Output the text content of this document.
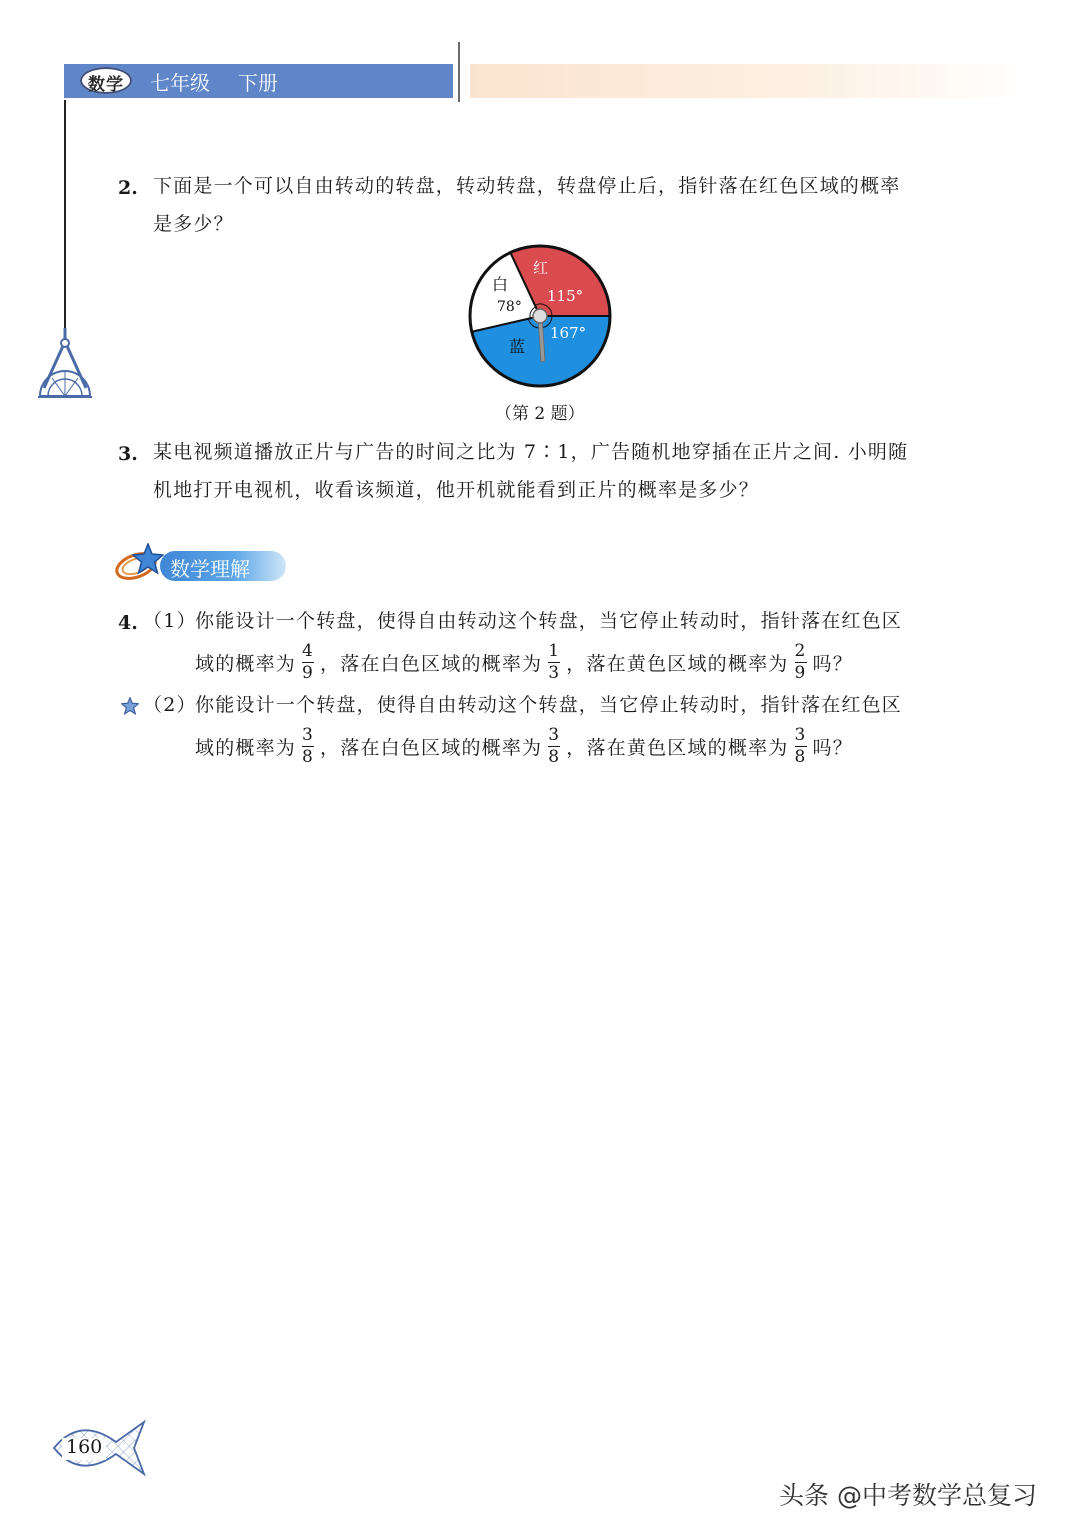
数学	七年级 下册
2. 下面是一个可以自由转动的转盘，转动转盘，转盘停止后，指针落在红色区域的概率
是多少？
红
115°
白
78°
蓝
167°
（第 2 题）
3. 某电视频道播放正片与广告的时间之比为 7∶1，广告随机地穿插在正片之间. 小明随
机地打开电视机，收看该频道，他开机就能看到正片的概率是多少？
数学理解
4. （1）
你能设计一个转盘，使得自由转动这个转盘，当它停止转动时，指针落在红色区
域的概率为 $\frac{4}{9}$ ，落在白色区域的概率为 $\frac{1}{3}$ ，落在黄色区域的概率为 $\frac{2}{9}$ 吗？
（2）
你能设计一个转盘，使得自由转动这个转盘，当它停止转动时，指针落在红色区
域的概率为 $\frac{3}{8}$ ，落在白色区域的概率为 $\frac{3}{8}$ ，落在黄色区域的概率为 $\frac{3}{8}$ 吗？
160
头条 @中考数学总复习
